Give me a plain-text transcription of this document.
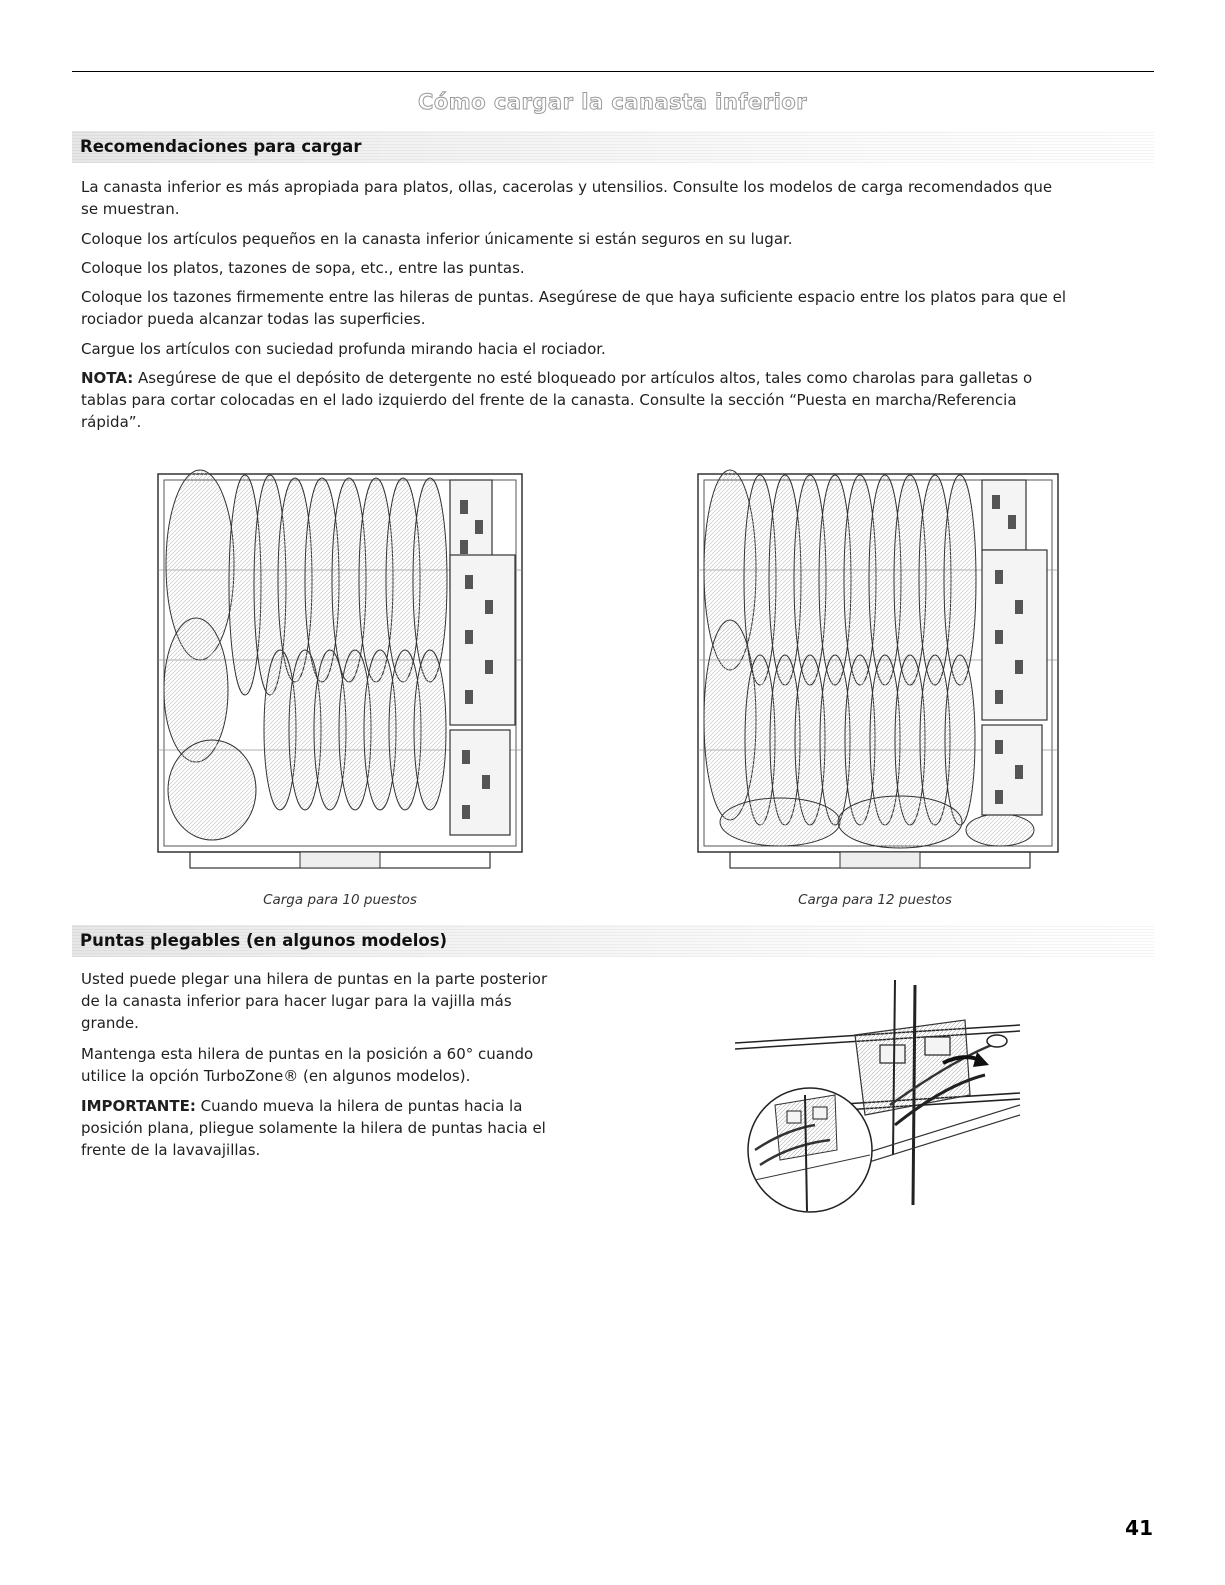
Cómo cargar la canasta inferior
Recomendaciones para cargar
La canasta inferior es más apropiada para platos, ollas, cacerolas y utensilios. Consulte los modelos de carga recomendados que
se muestran.
Coloque los artículos pequeños en la canasta inferior únicamente si están seguros en su lugar.
Coloque los platos, tazones de sopa, etc., entre las puntas.
Coloque los tazones firmemente entre las hileras de puntas. Asegúrese de que haya suficiente espacio entre los platos para que el
rociador pueda alcanzar todas las superficies.
Cargue los artículos con suciedad profunda mirando hacia el rociador.
NOTA: Asegúrese de que el depósito de detergente no esté bloqueado por artículos altos, tales como charolas para galletas o
tablas para cortar colocadas en el lado izquierdo del frente de la canasta. Consulte la sección “Puesta en marcha/Referencia
rápida”.
Carga para 10 puestos	Carga para 12 puestos
Puntas plegables (en algunos modelos)
Usted puede plegar una hilera de puntas en la parte posterior
de la canasta inferior para hacer lugar para la vajilla más
grande.
Mantenga esta hilera de puntas en la posición a 60° cuando
utilice la opción TurboZone® (en algunos modelos).
IMPORTANTE: Cuando mueva la hilera de puntas hacia la
posición plana, pliegue solamente la hilera de puntas hacia el
frente de la lavavajillas.
41
